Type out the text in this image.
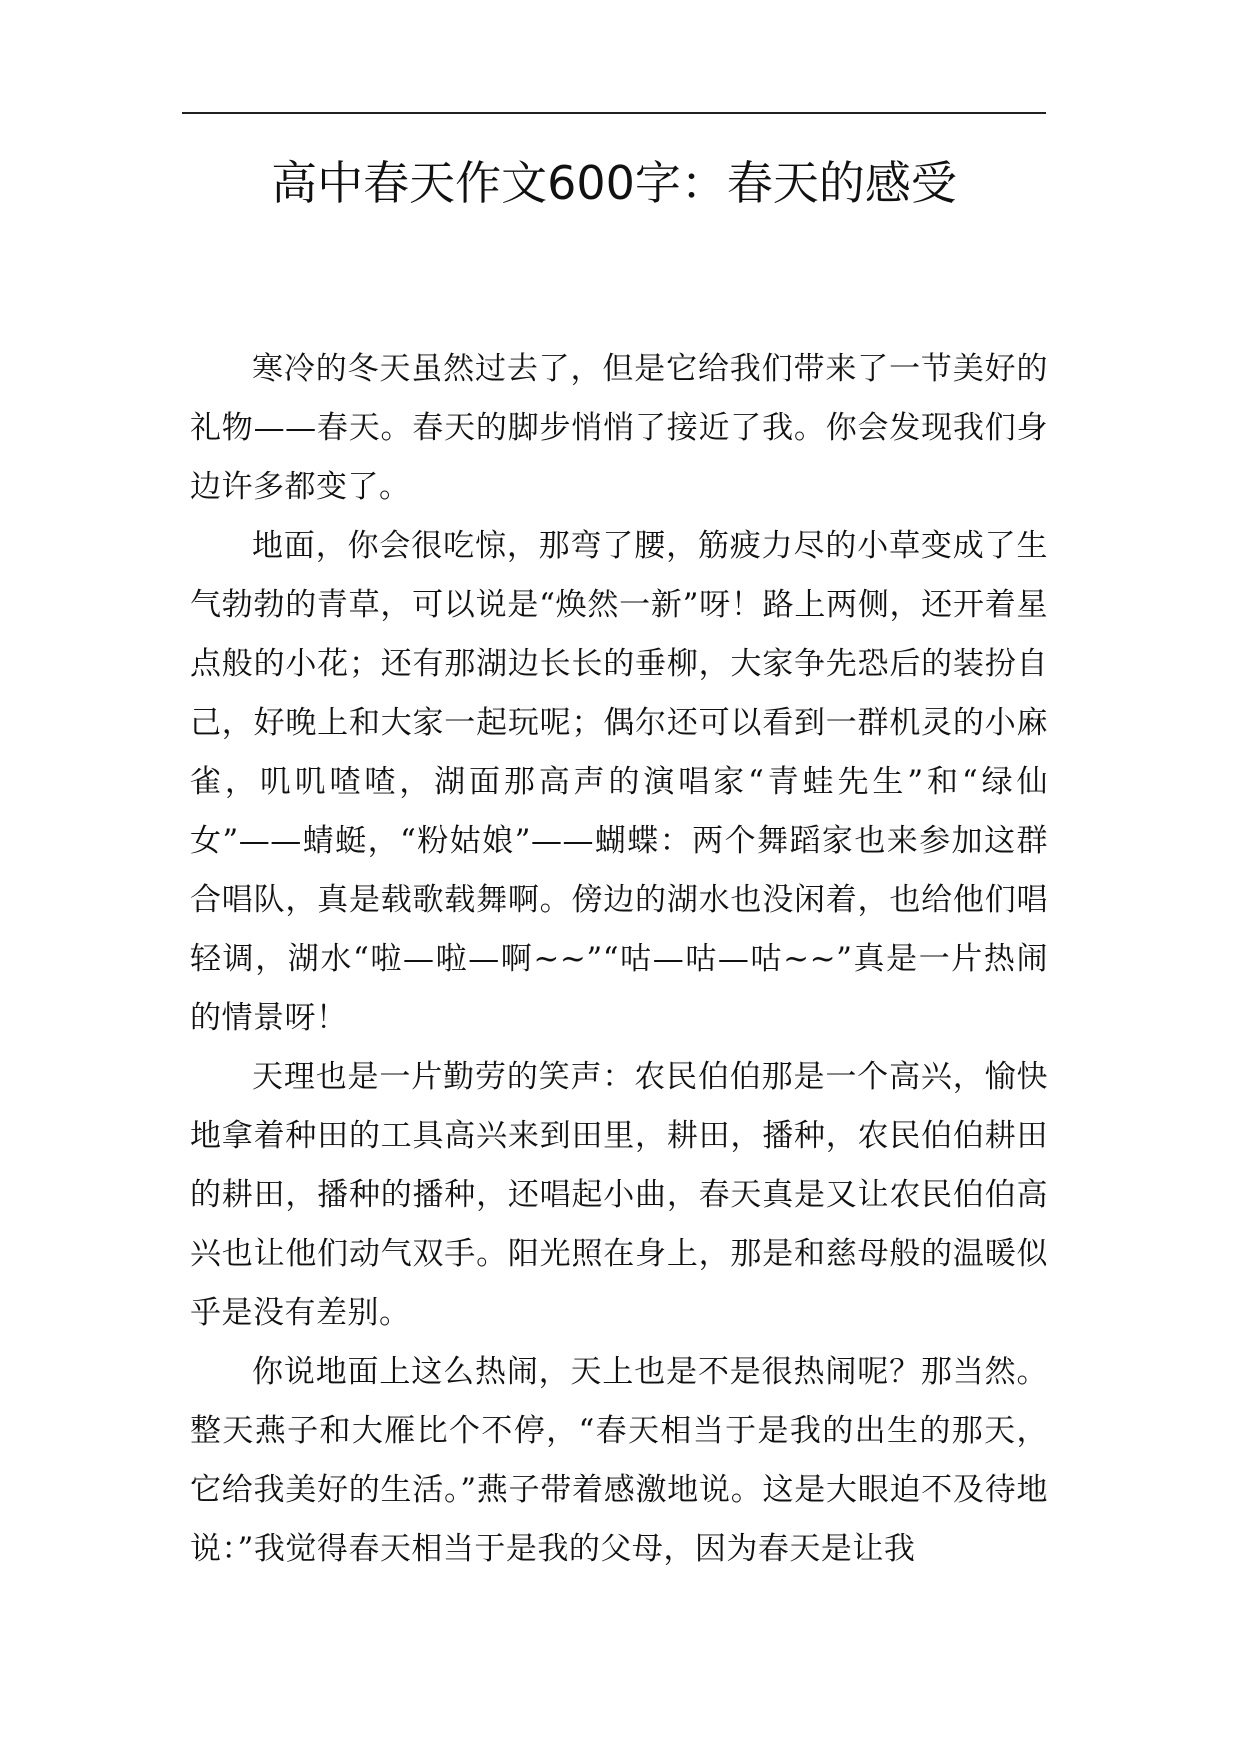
高中春天作文600字：春天的感受

寒冷的冬天虽然过去了，但是它给我们带来了一节美好的礼物——春天。春天的脚步悄悄了接近了我。你会发现我们身边许多都变了。

地面，你会很吃惊，那弯了腰，筋疲力尽的小草变成了生气勃勃的青草，可以说是“焕然一新”呀！路上两侧，还开着星点般的小花；还有那湖边长长的垂柳，大家争先恐后的装扮自己，好晚上和大家一起玩呢；偶尔还可以看到一群机灵的小麻雀，叽叽喳喳，湖面那高声的演唱家“青蛙先生”和“绿仙女”——蜻蜓，“粉姑娘”——蝴蝶：两个舞蹈家也来参加这群合唱队，真是载歌载舞啊。傍边的湖水也没闲着，也给他们唱轻调，湖水“啦—啦—啊~~”“咕—咕—咕~~”真是一片热闹的情景呀！

天理也是一片勤劳的笑声：农民伯伯那是一个高兴，愉快地拿着种田的工具高兴来到田里，耕田，播种，农民伯伯耕田的耕田，播种的播种，还唱起小曲，春天真是又让农民伯伯高兴也让他们动气双手。阳光照在身上，那是和慈母般的温暖似乎是没有差别。

你说地面上这么热闹，天上也是不是很热闹呢？那当然。整天燕子和大雁比个不停，“春天相当于是我的出生的那天，它给我美好的生活。”燕子带着感激地说。这是大眼迫不及待地说：”我觉得春天相当于是我的父母，因为春天是让我
